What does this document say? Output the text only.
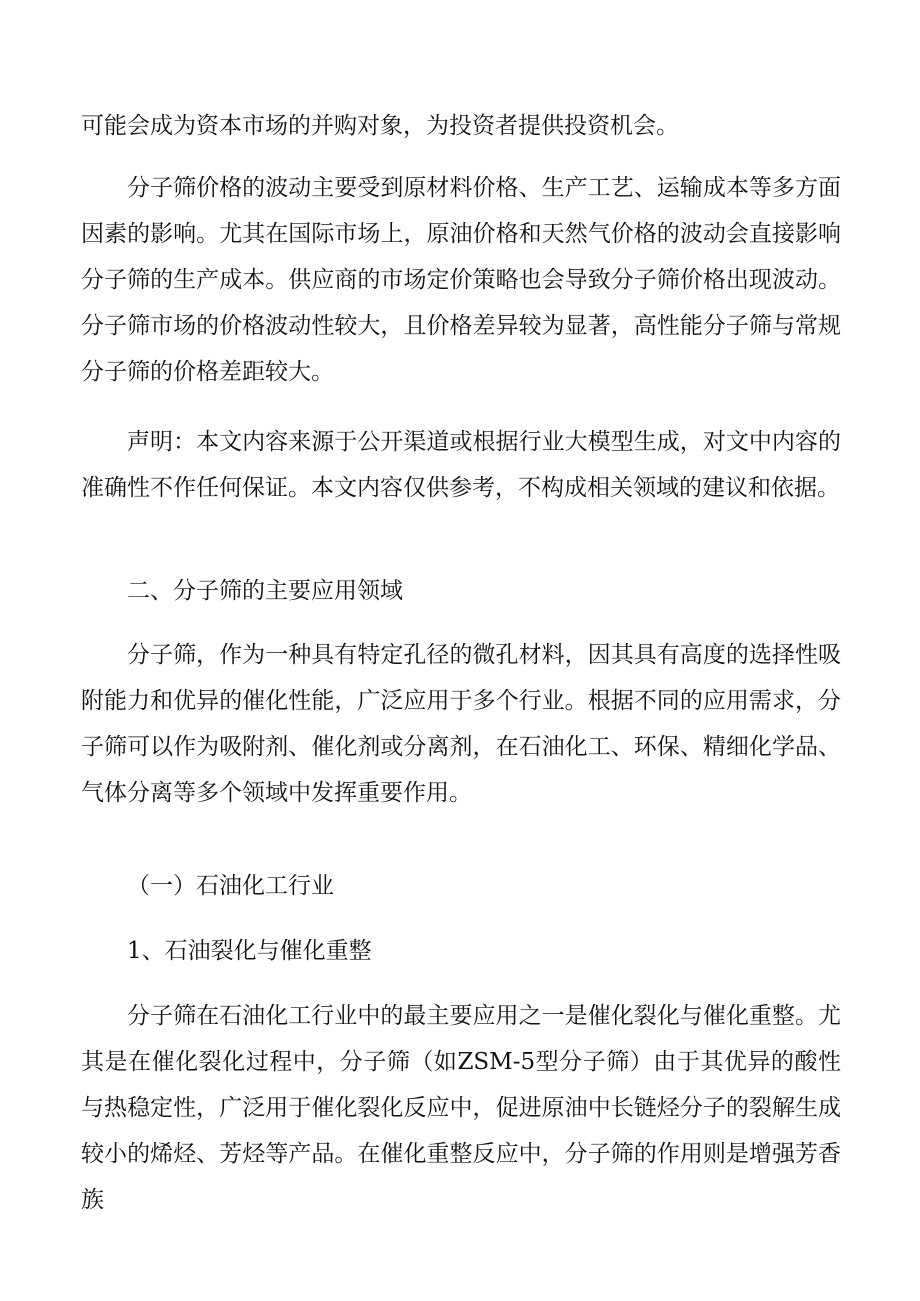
可能会成为资本市场的并购对象，为投资者提供投资机会。

分子筛价格的波动主要受到原材料价格、生产工艺、运输成本等多方面因素的影响。尤其在国际市场上，原油价格和天然气价格的波动会直接影响分子筛的生产成本。供应商的市场定价策略也会导致分子筛价格出现波动。分子筛市场的价格波动性较大，且价格差异较为显著，高性能分子筛与常规分子筛的价格差距较大。

声明：本文内容来源于公开渠道或根据行业大模型生成，对文中内容的准确性不作任何保证。本文内容仅供参考，不构成相关领域的建议和依据。

二、分子筛的主要应用领域

分子筛，作为一种具有特定孔径的微孔材料，因其具有高度的选择性吸附能力和优异的催化性能，广泛应用于多个行业。根据不同的应用需求，分子筛可以作为吸附剂、催化剂或分离剂，在石油化工、环保、精细化学品、气体分离等多个领域中发挥重要作用。

（一）石油化工行业

1、石油裂化与催化重整

分子筛在石油化工行业中的最主要应用之一是催化裂化与催化重整。尤其是在催化裂化过程中，分子筛（如ZSM-5型分子筛）由于其优异的酸性与热稳定性，广泛用于催化裂化反应中，促进原油中长链烃分子的裂解生成较小的烯烃、芳烃等产品。在催化重整反应中，分子筛的作用则是增强芳香族
